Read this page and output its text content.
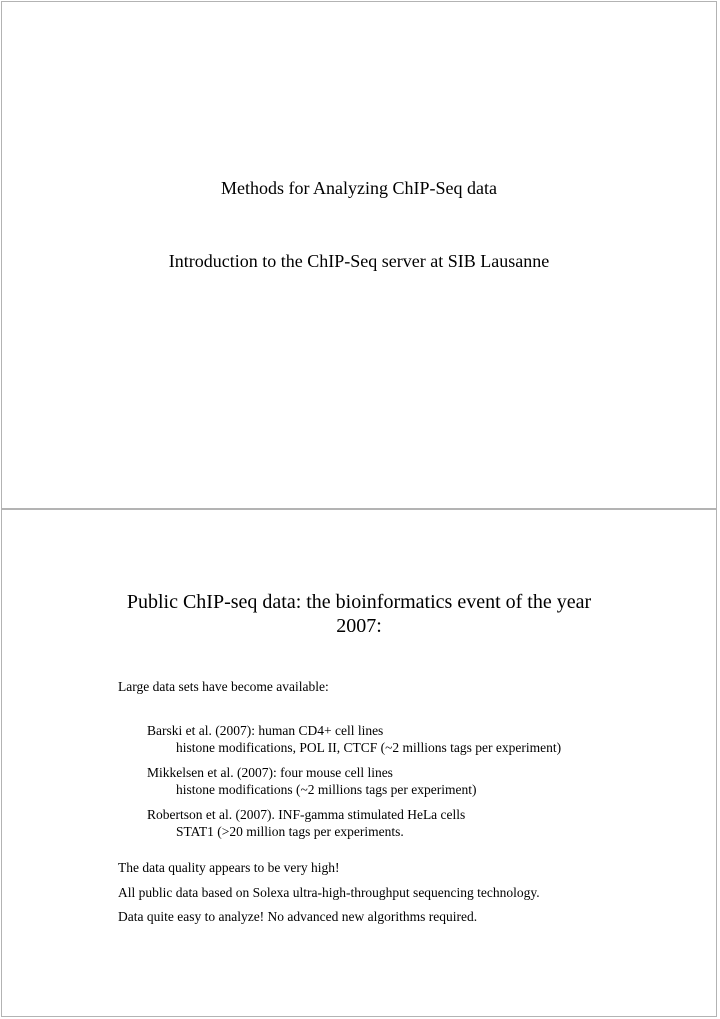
Methods for Analyzing ChIP-Seq data
Introduction to the ChIP-Seq server at SIB Lausanne
Public ChIP-seq data: the bioinformatics event of the year
2007:
Large data sets have become available:
Barski et al. (2007): human CD4+ cell lines
histone modifications, POL II, CTCF (~2 millions tags per experiment)
Mikkelsen et al. (2007): four mouse cell lines
histone modifications (~2 millions tags per experiment)
Robertson et al. (2007). INF-gamma stimulated HeLa cells
STAT1 (>20 million tags per experiments.
The data quality appears to be very high!
All public data based on Solexa ultra-high-throughput sequencing technology.
Data quite easy to analyze! No advanced new algorithms required.
